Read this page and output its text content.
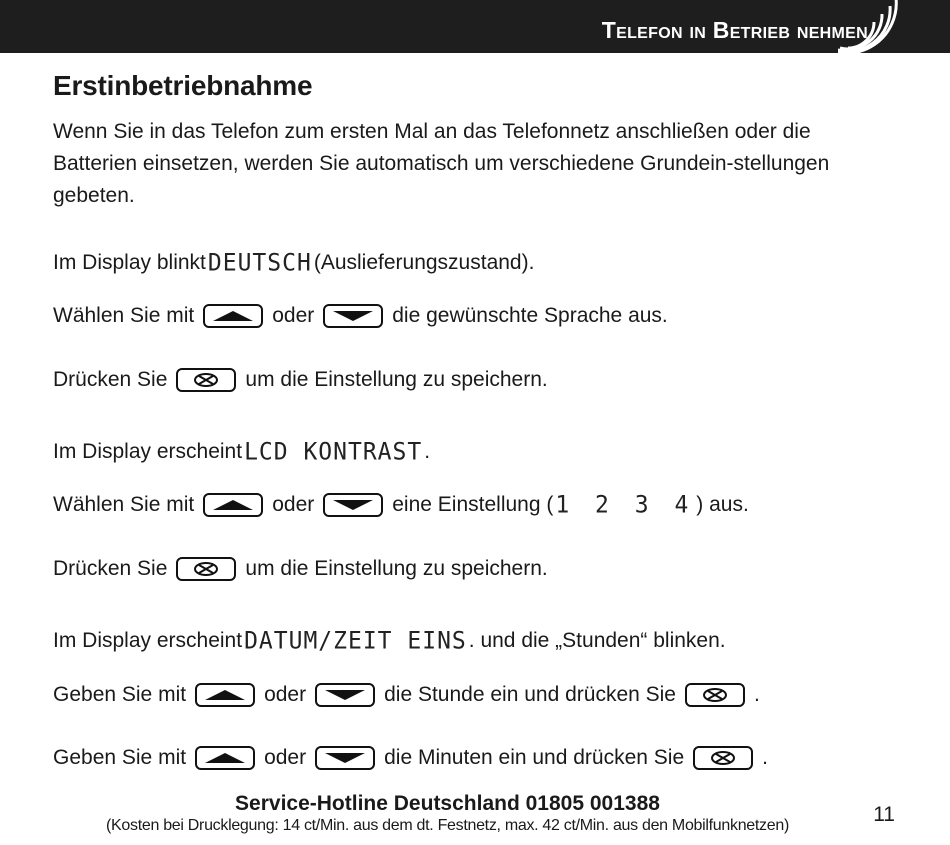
Telefon in Betrieb nehmen
Erstinbetriebnahme

Wenn Sie in das Telefon zum ersten Mal an das Telefonnetz anschließen oder die Batterien einsetzen, werden Sie automatisch um verschiedene Grundein-stellungen gebeten.

Im Display blinkt DEUTSCH (Auslieferungszustand).
Wählen Sie mit	oder	die gewünschte Sprache aus.
Drücken Sie	um die Einstellung zu speichern.
Im Display erscheint LCD KONTRAST .
Wählen Sie mit	oder	eine Einstellung ( 1 2 3 4 ) aus.
Drücken Sie	um die Einstellung zu speichern.
Im Display erscheint DATUM/ZEIT EINS . und die „Stunden“ blinken.
Geben Sie mit	oder	die Stunde ein und drücken Sie	.
Geben Sie mit	oder	die Minuten ein und drücken Sie	.
Service-Hotline Deutschland 01805 001388
(Kosten bei Drucklegung: 14 ct/Min. aus dem dt. Festnetz, max. 42 ct/Min. aus den Mobilfunknetzen)	11
